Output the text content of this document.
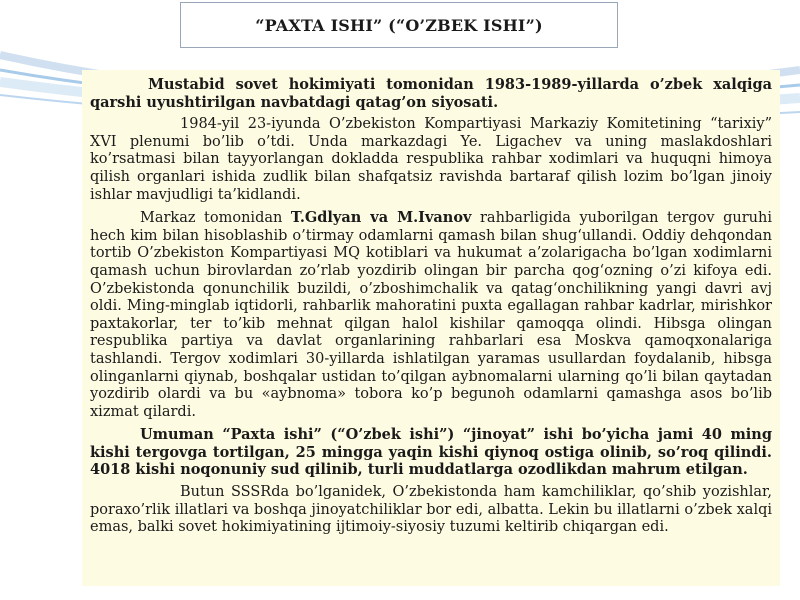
“PAXTA ISHI” (“O’ZBEK ISHI”)

Mustabid sovet hokimiyati tomonidan 1983-1989-yillarda o’zbek xalqiga qarshi uyushtirilgan navbatdagi qatag’on siyosati.

1984-yil 23-iyunda O’zbekiston Kompartiyasi Markaziy Komitetining “tarixiy” XVI plenumi bo’lib o’tdi. Unda markazdagi Ye. Ligachev va uning maslakdoshlari ko’rsatmasi bilan tayyorlangan dokladda respublika rahbar xodimlari va huquqni himoya qilish organlari ishida zudlik bilan shafqatsiz ravishda bartaraf qilish lozim bo’lgan jinoiy ishlar mavjudligi ta’kidlandi.

Markaz tomonidan T.Gdlyan va M.Ivanov rahbarligida yuborilgan tergov guruhi hech kim bilan hisoblashib o’tirmay odamlarni qamash bilan shug‘ullandi. Oddiy dehqondan tortib O’zbekiston Kompartiyasi MQ kotiblari va hukumat a’zolarigacha bo’lgan xodimlarni qamash uchun birovlardan zo’rlab yozdirib olingan bir parcha qog‘ozning o’zi kifoya edi. O’zbekistonda qonunchilik buzildi, o’zboshimchalik va qatag‘onchilikning yangi davri avj oldi. Ming-minglab iqtidorli, rahbarlik mahoratini puxta egallagan rahbar kadrlar, mirishkor paxtakorlar, ter to’kib mehnat qilgan halol kishilar qamoqqa olindi. Hibsga olingan respublika partiya va davlat organlarining rahbarlari esa Moskva qamoqxonalariga tashlandi. Tergov xodimlari 30-yillarda ishlatilgan yaramas usullardan foydalanib, hibsga olinganlarni qiynab, boshqalar ustidan to’qilgan aybnomalarni ularning qo’li bilan qaytadan yozdirib olardi va bu «aybnoma» tobora ko’p begunoh odamlarni qamashga asos bo’lib xizmat qilardi.

Umuman “Paxta ishi” (“O’zbek ishi”) “jinoyat” ishi bo’yicha jami 40 ming kishi tergovga tortilgan, 25 mingga yaqin kishi qiynoq ostiga olinib, so’roq qilindi. 4018 kishi noqonuniy sud qilinib, turli muddatlarga ozodlikdan mahrum etilgan.

Butun SSSRda bo’lganidek, O’zbekistonda ham kamchiliklar, qo’shib yozishlar, poraxo’rlik illatlari va boshqa jinoyatchiliklar bor edi, albatta. Lekin bu illatlarni o’zbek xalqi emas, balki sovet hokimiyatining ijtimoiy-siyosiy tuzumi keltirib chiqargan edi.
